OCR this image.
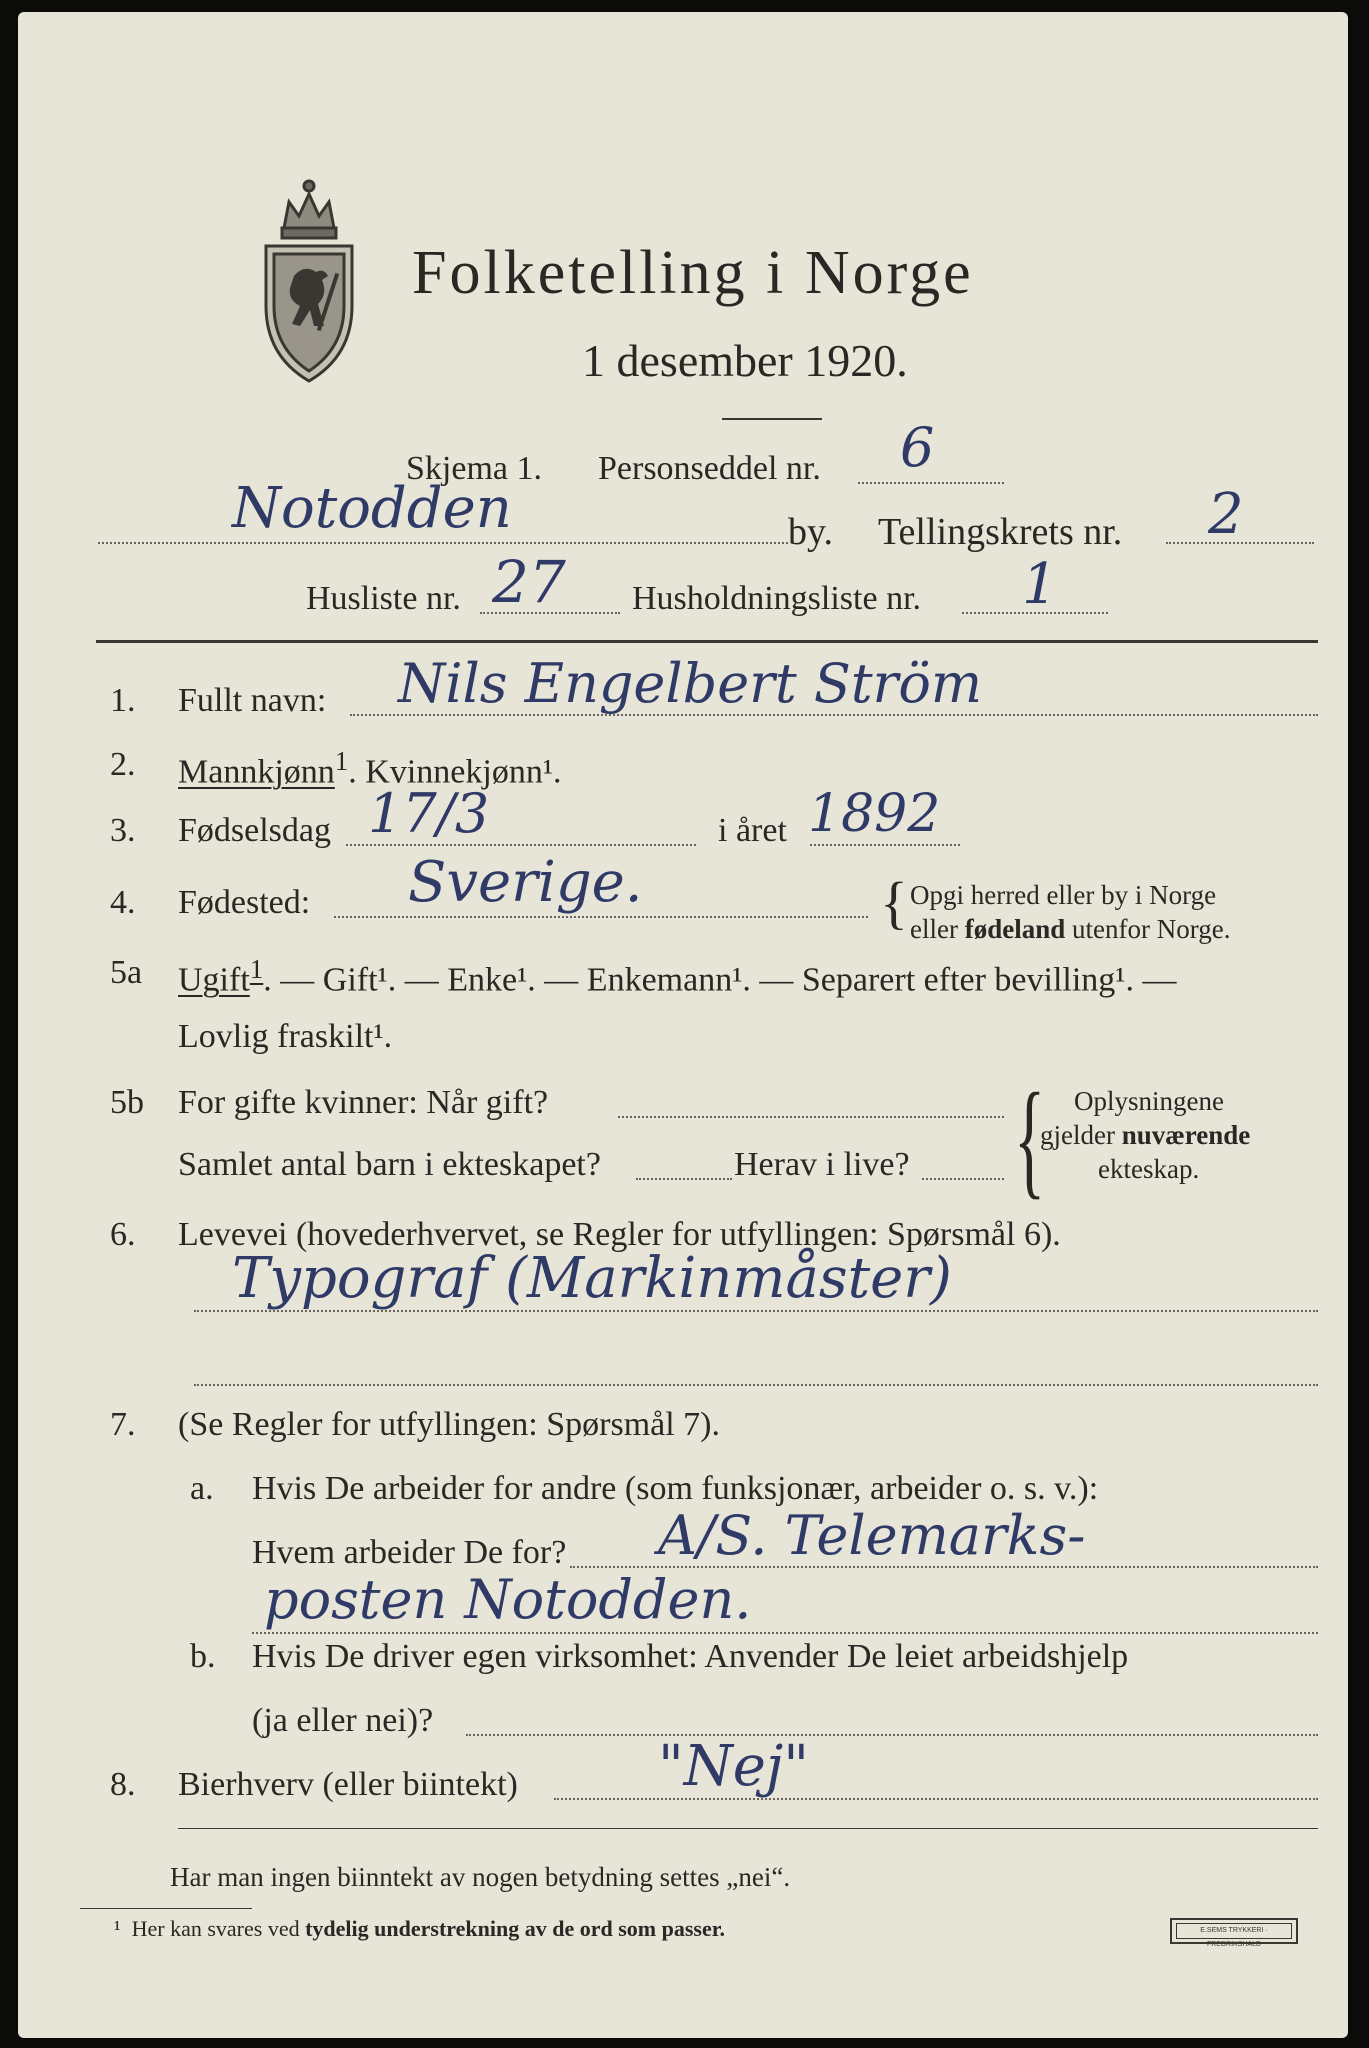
Folketelling i Norge
1 desember 1920.
Skjema 1. Personseddel nr. 6
Notodden	by. Tellingskrets nr. 2
Husliste nr. 27 Husholdningsliste nr. 1
1. Fullt navn: Nils Engelbert Ström
2. Mannkjønn$^1$. Kvinnekjønn¹.
3. Fødselsdag 17/3	i året 1892
4. Fødested: Sverige.	{ Opgi herred eller by i Norge
eller fødeland utenfor Norge.
5a Ugift$^1$. — Gift¹. — Enke¹. — Enkemann¹. — Separert efter bevilling¹. —
Lovlig fraskilt¹.
5b For gifte kvinner: Når gift?
Samlet antal barn i ekteskapet?	Herav i live? { Oplysningene
gjelder nuværende
ekteskap.
6. Levevei (hovederhvervet, se Regler for utfyllingen: Spørsmål 6).
Typograf (Markinmåster)
7. (Se Regler for utfyllingen: Spørsmål 7).
a. Hvis De arbeider for andre (som funksjonær, arbeider o. s. v.):
Hvem arbeider De for? A/S. Telemarks-
posten Notodden.
b. Hvis De driver egen virksomhet: Anvender De leiet arbeidshjelp
(ja eller nei)?
8. Bierhverv (eller biintekt)	"Nej"
Har man ingen biinntekt av nogen betydning settes „nei“.
¹ Her kan svares ved tydelig understrekning av de ord som passer.	E.SEMS TRYKKERI · FREDRIKSHALD
